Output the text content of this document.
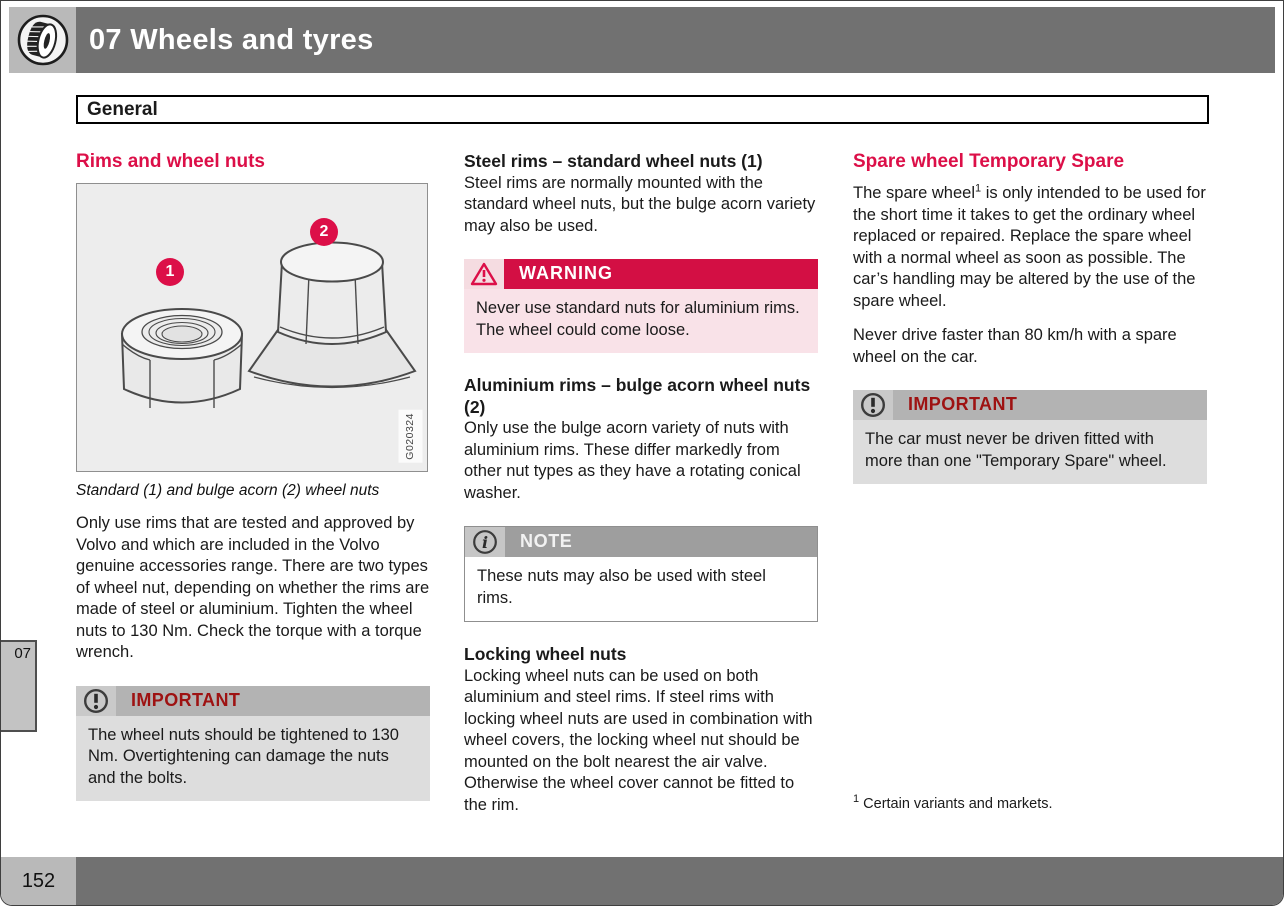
07 Wheels and tyres
General
Rims and wheel nuts
1
2
G020324
Standard (1) and bulge acorn (2) wheel nuts

Only use rims that are tested and approved by Volvo and which are included in the Volvo genuine accessories range. There are two types of wheel nut, depending on whether the rims are made of steel or aluminium. Tighten the wheel nuts to 130 Nm. Check the torque with a torque wrench.

IMPORTANT
The wheel nuts should be tightened to 130 Nm. Overtightening can damage the nuts and the bolts.
Steel rims – standard wheel nuts (1)

Steel rims are normally mounted with the standard wheel nuts, but the bulge acorn variety may also be used.

WARNING
Never use standard nuts for aluminium rims. The wheel could come loose.
Aluminium rims – bulge acorn wheel nuts (2)

Only use the bulge acorn variety of nuts with aluminium rims. These differ markedly from other nut types as they have a rotating conical washer.

i	NOTE
These nuts may also be used with steel rims.
Locking wheel nuts

Locking wheel nuts can be used on both aluminium and steel rims. If steel rims with locking wheel nuts are used in combination with wheel covers, the locking wheel nut should be mounted on the bolt nearest the air valve. Otherwise the wheel cover cannot be fitted to the rim.

Spare wheel Temporary Spare

The spare wheel$^1$ is only intended to be used for the short time it takes to get the ordinary wheel replaced or repaired. Replace the spare wheel with a normal wheel as soon as possible. The car’s handling may be altered by the use of the spare wheel.

Never drive faster than 80 km/h with a spare wheel on the car.

IMPORTANT
The car must never be driven fitted with more than one "Temporary Spare" wheel.
$^1$ Certain variants and markets.
07
152
